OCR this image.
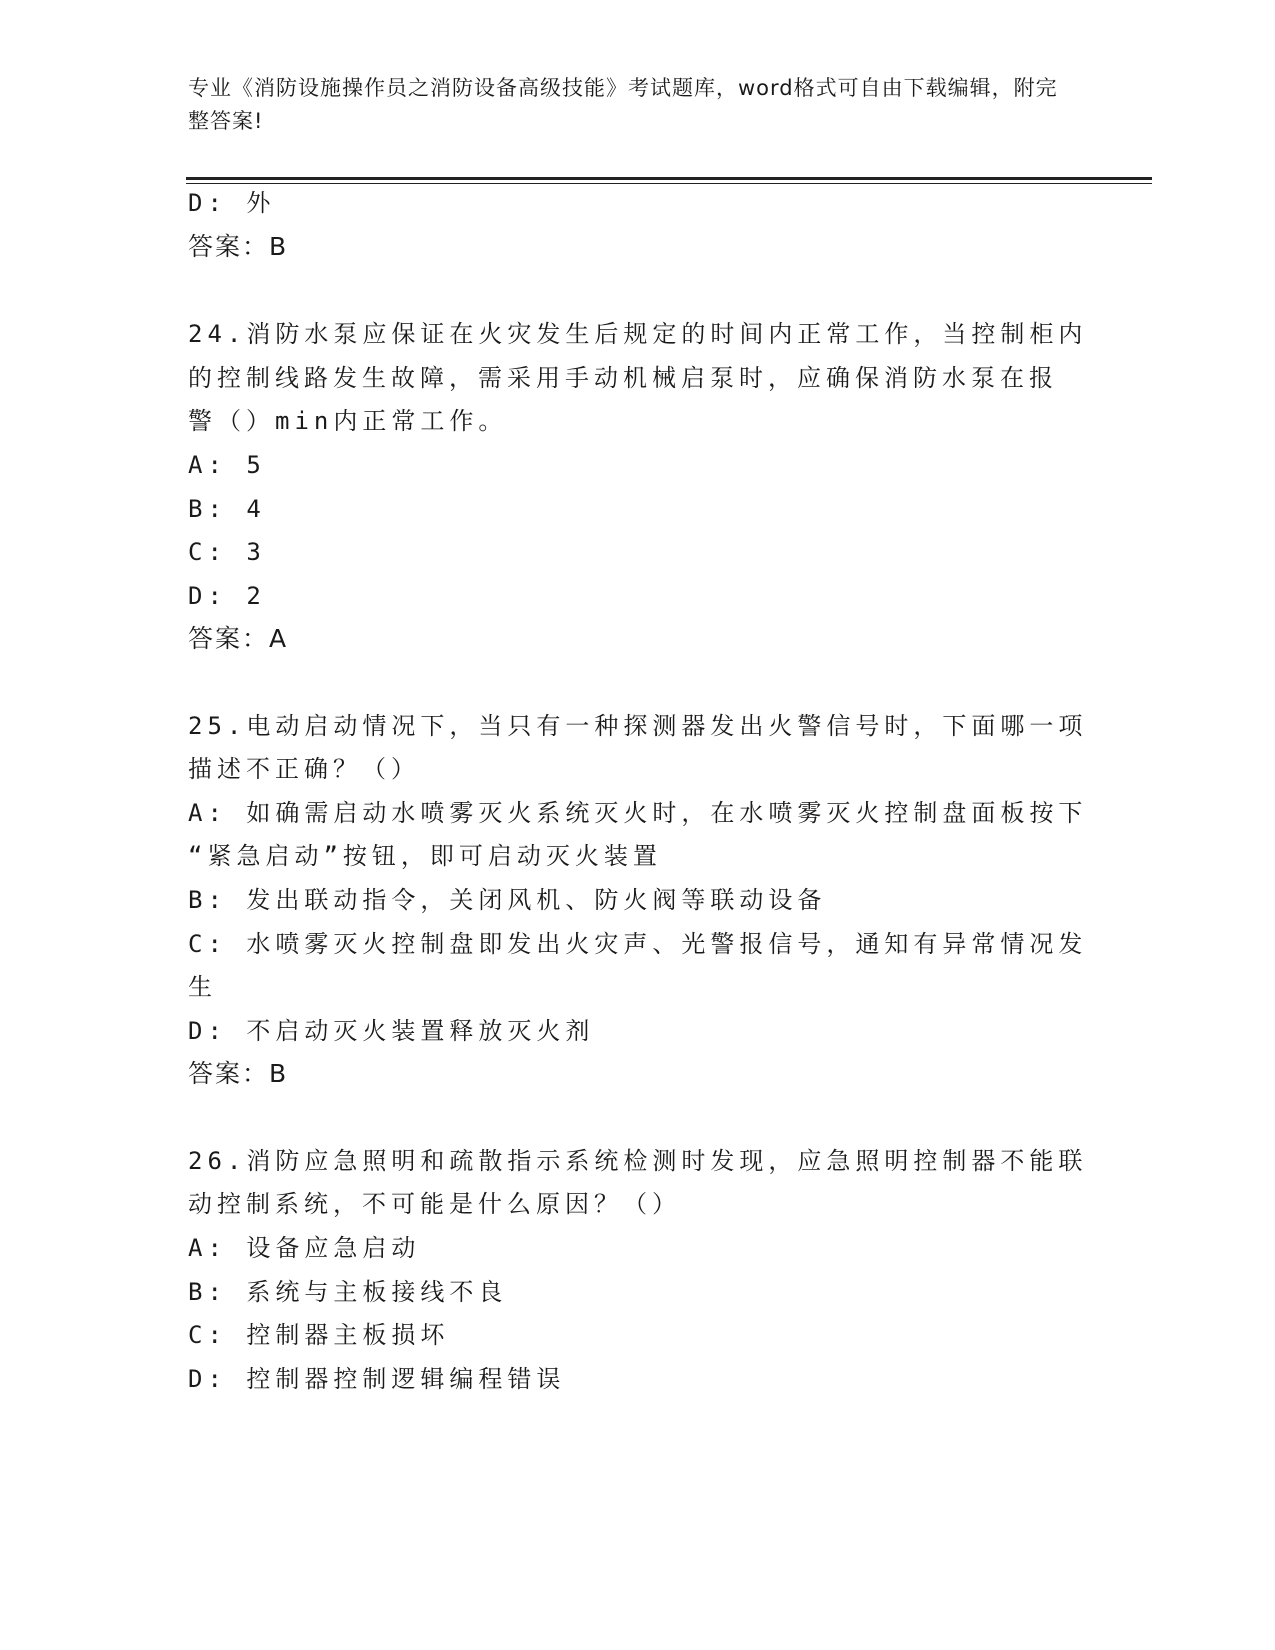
专业《消防设施操作员之消防设备高级技能》考试题库，word格式可自由下载编辑，附完整答案!
D: 外
答案：B
24.消防水泵应保证在火灾发生后规定的时间内正常工作，当控制柜内
的控制线路发生故障，需采用手动机械启泵时，应确保消防水泵在报
警（）min内正常工作。
A: 5
B: 4
C: 3
D: 2
答案：A
25.电动启动情况下，当只有一种探测器发出火警信号时，下面哪一项
描述不正确？（）
A: 如确需启动水喷雾灭火系统灭火时，在水喷雾灭火控制盘面板按下
“紧急启动”按钮，即可启动灭火装置
B: 发出联动指令，关闭风机、防火阀等联动设备
C: 水喷雾灭火控制盘即发出火灾声、光警报信号，通知有异常情况发
生
D: 不启动灭火装置释放灭火剂
答案：B
26.消防应急照明和疏散指示系统检测时发现，应急照明控制器不能联
动控制系统，不可能是什么原因？（）
A: 设备应急启动
B: 系统与主板接线不良
C: 控制器主板损坏
D: 控制器控制逻辑编程错误
